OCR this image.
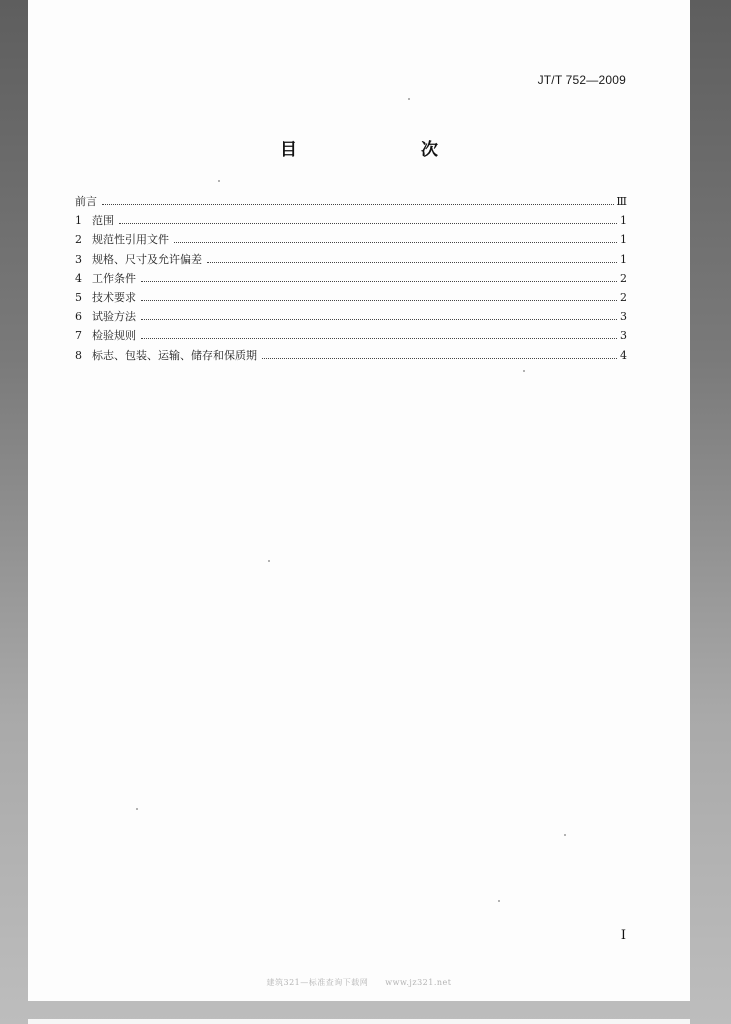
JT/T 752—2009
目　　次
前言	Ⅲ
1 范围	1
2 规范性引用文件	1
3 规格、尺寸及允许偏差	1
4 工作条件	2
5 技术要求	2
6 试验方法	3
7 检验规则	3
8 标志、包装、运输、储存和保质期	4
I
建筑321—标准查询下载网　　www.jz321.net
